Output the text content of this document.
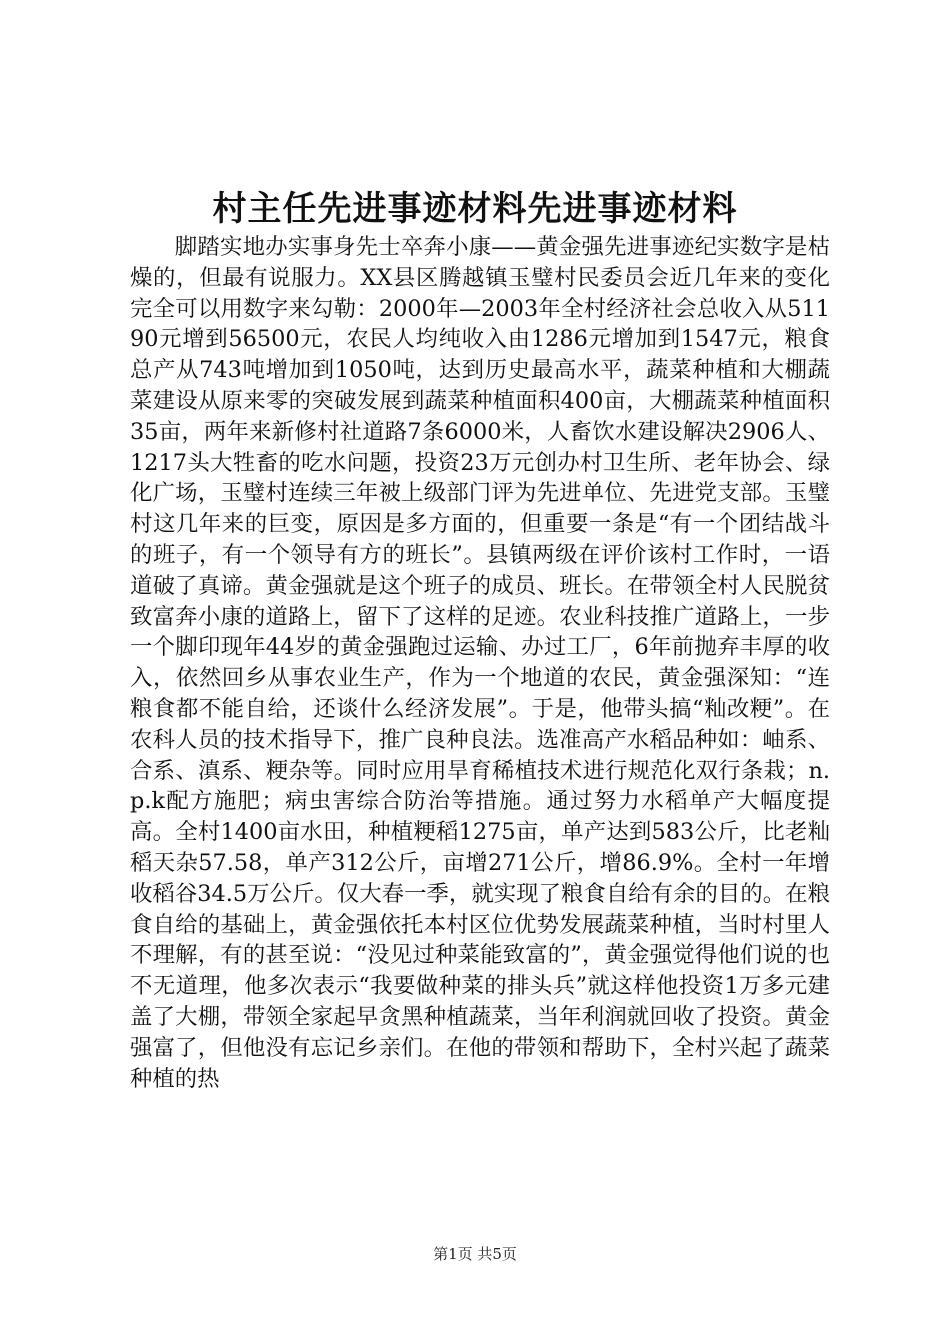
村主任先进事迹材料先进事迹材料

脚踏实地办实事身先士卒奔小康——黄金强先进事迹纪实数字是枯燥的，但最有说服力。XX县区腾越镇玉璧村民委员会近几年来的变化完全可以用数字来勾勒：2000年—2003年全村经济社会总收入从51190元增到56500元，农民人均纯收入由1286元增加到1547元，粮食总产从743吨增加到1050吨，达到历史最高水平，蔬菜种植和大棚蔬菜建设从原来零的突破发展到蔬菜种植面积400亩，大棚蔬菜种植面积35亩，两年来新修村社道路7条6000米，人畜饮水建设解决2906人、1217头大牲畜的吃水问题，投资23万元创办村卫生所、老年协会、绿化广场，玉璧村连续三年被上级部门评为先进单位、先进党支部。玉璧村这几年来的巨变，原因是多方面的，但重要一条是“有一个团结战斗的班子，有一个领导有方的班长”。县镇两级在评价该村工作时，一语道破了真谛。黄金强就是这个班子的成员、班长。在带领全村人民脱贫致富奔小康的道路上，留下了这样的足迹。农业科技推广道路上，一步一个脚印现年44岁的黄金强跑过运输、办过工厂，6年前抛弃丰厚的收入，依然回乡从事农业生产，作为一个地道的农民，黄金强深知：“连粮食都不能自给，还谈什么经济发展”。于是，他带头搞“籼改粳”。在农科人员的技术指导下，推广良种良法。选准高产水稻品种如：岫系、合系、滇系、粳杂等。同时应用旱育稀植技术进行规范化双行条栽；n.p.k配方施肥；病虫害综合防治等措施。通过努力水稻单产大幅度提高。全村1400亩水田，种植粳稻1275亩，单产达到583公斤，比老籼稻天杂57.58，单产312公斤，亩增271公斤，增86.9%。全村一年增收稻谷34.5万公斤。仅大春一季，就实现了粮食自给有余的目的。在粮食自给的基础上，黄金强依托本村区位优势发展蔬菜种植，当时村里人不理解，有的甚至说：“没见过种菜能致富的”，黄金强觉得他们说的也不无道理，他多次表示“我要做种菜的排头兵”就这样他投资1万多元建盖了大棚，带领全家起早贪黑种植蔬菜，当年利润就回收了投资。黄金强富了，但他没有忘记乡亲们。在他的带领和帮助下，全村兴起了蔬菜种植的热

第1页 共5页
